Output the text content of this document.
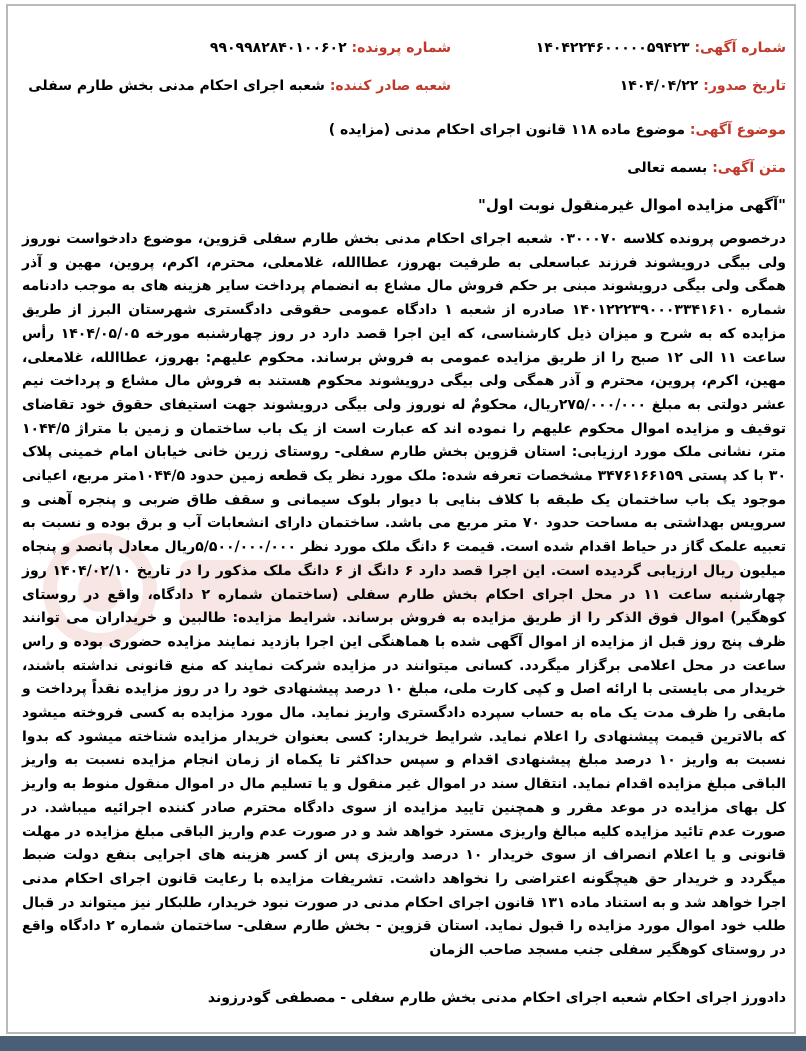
شماره آگهی: ۱۴۰۴۲۲۴۶۰۰۰۰۰۵۹۴۲۳
شماره پرونده: ۹۹۰۹۹۸۲۸۴۰۱۰۰۶۰۲
تاریخ صدور: ۱۴۰۴/۰۴/۲۲
شعبه صادر کننده: شعبه اجرای احکام مدنی بخش طارم سفلی
موضوع آگهی: موضوع ماده ۱۱۸ قانون اجرای احکام مدنی (مزایده )
متن آگهی: بسمه تعالی
"آگهی مزایده اموال غیرمنقول نوبت اول"

درخصوص پرونده کلاسه ۰۳۰۰۰۷۰ شعبه اجرای احکام مدنی بخش طارم سفلی قزوین، موضوع دادخواست نوروز ولی بیگی درویشوند فرزند عباسعلی به طرفیت بهروز، عطاالله، غلامعلی، محترم، اکرم، پروین، مهین و آذر همگی ولی بیگی درویشوند مبنی بر حکم فروش مال مشاع به انضمام پرداخت سایر هزینه های به موجب دادنامه شماره ۱۴۰۱۲۲۲۳۹۰۰۰۳۳۴۱۶۱۰ صادره از شعبه ۱ دادگاه عمومی حقوقی دادگستری شهرستان البرز از طریق مزایده که به شرح و میزان ذیل کارشناسی، که این اجرا قصد دارد در روز چهارشنبه مورخه ۱۴۰۴/۰۵/۰۵ رأس ساعت ۱۱ الی ۱۲ صبح را از طریق مزایده عمومی به فروش برساند. محکوم علیهم: بهروز، عطاالله، غلامعلی، مهین، اکرم، پروین، محترم و آذر همگی ولی بیگی درویشوند محکوم هستند به فروش مال مشاع و پرداخت نیم عشر دولتی به مبلغ ۲۷۵/۰۰۰/۰۰۰ریال، محکومٌ له نوروز ولی بیگی درویشوند جهت استیفای حقوق خود تقاضای توقیف و مزایده اموال محکوم علیهم را نموده اند که عبارت است از یک باب ساختمان و زمین با متراژ ۱۰۴۴/۵ متر، نشانی ملک مورد ارزیابی: استان قزوین بخش طارم سفلی- روستای زرین خانی خیابان امام خمینی پلاک ۳۰ با کد پستی ۳۴۷۶۱۶۶۱۵۹ مشخصات تعرفه شده: ملک مورد نظر یک قطعه زمین حدود ۱۰۴۴/۵متر مربع، اعیانی موجود یک باب ساختمان یک طبقه با کلاف بنایی با دیوار بلوک سیمانی و سقف طاق ضربی و پنجره آهنی و سرویس بهداشتی به مساحت حدود ۷۰ متر مربع می باشد. ساختمان دارای انشعابات آب و برق بوده و نسبت به تعبیه علمک گاز در حیاط اقدام شده است. قیمت ۶ دانگ ملک مورد نظر ۵/۵۰۰/۰۰۰/۰۰۰ریال معادل پانصد و پنجاه میلیون ریال ارزیابی گردیده است. این اجرا قصد دارد ۶ دانگ از ۶ دانگ ملک مذکور را در تاریخ ۱۴۰۴/۰۲/۱۰ روز چهارشنبه ساعت ۱۱ در محل اجرای احکام بخش طارم سفلی (ساختمان شماره ۲ دادگاه، واقع در روستای کوهگیر) اموال فوق الذکر را از طریق مزایده به فروش برساند. شرایط مزایده: طالبین و خریداران می توانند ظرف پنج روز قبل از مزایده از اموال آگهی شده با هماهنگی این اجرا بازدید نمایند مزایده حضوری بوده و راس ساعت در محل اعلامی برگزار میگردد. کسانی میتوانند در مزایده شرکت نمایند که منع قانونی نداشته باشند، خریدار می بایستی با ارائه اصل و کپی کارت ملی، مبلغ ۱۰ درصد پیشنهادی خود را در روز مزایده نقداً پرداخت و مابقی را ظرف مدت یک ماه به حساب سپرده دادگستری واریز نماید. مال مورد مزایده به کسی فروخته میشود که بالاترین قیمت پیشنهادی را اعلام نماید. شرایط خریدار: کسی بعنوان خریدار مزایده شناخته میشود که بدوا نسبت به واریز ۱۰ درصد مبلغ پیشنهادی اقدام و سپس حداکثر تا یکماه از زمان انجام مزایده نسبت به واریز الباقی مبلغ مزایده اقدام نماید. انتقال سند در اموال غیر منقول و یا تسلیم مال در اموال منقول منوط به واریز کل بهای مزایده در موعد مقرر و همچنین تایید مزایده از سوی دادگاه محترم صادر کننده اجرائیه میباشد. در صورت عدم تائید مزایده کلیه مبالغ واریزی مسترد خواهد شد و در صورت عدم واریز الباقی مبلغ مزایده در مهلت قانونی و یا اعلام انصراف از سوی خریدار ۱۰ درصد واریزی پس از کسر هزینه های اجرایی بنفع دولت ضبط میگردد و خریدار حق هیچگونه اعتراضی را نخواهد داشت. تشریفات مزایده با رعایت قانون اجرای احکام مدنی اجرا خواهد شد و به استناد ماده ۱۳۱ قانون اجرای احکام مدنی در صورت نبود خریدار، طلبکار نیز میتواند در قبال طلب خود اموال مورد مزایده را قبول نماید. استان قزوین - بخش طارم سفلی- ساختمان شماره ۲ دادگاه واقع در روستای کوهگیر سفلی جنب مسجد صاحب الزمان

دادورز اجرای احکام شعبه اجرای احکام مدنی بخش طارم سفلی - مصطفی گودرزوند
